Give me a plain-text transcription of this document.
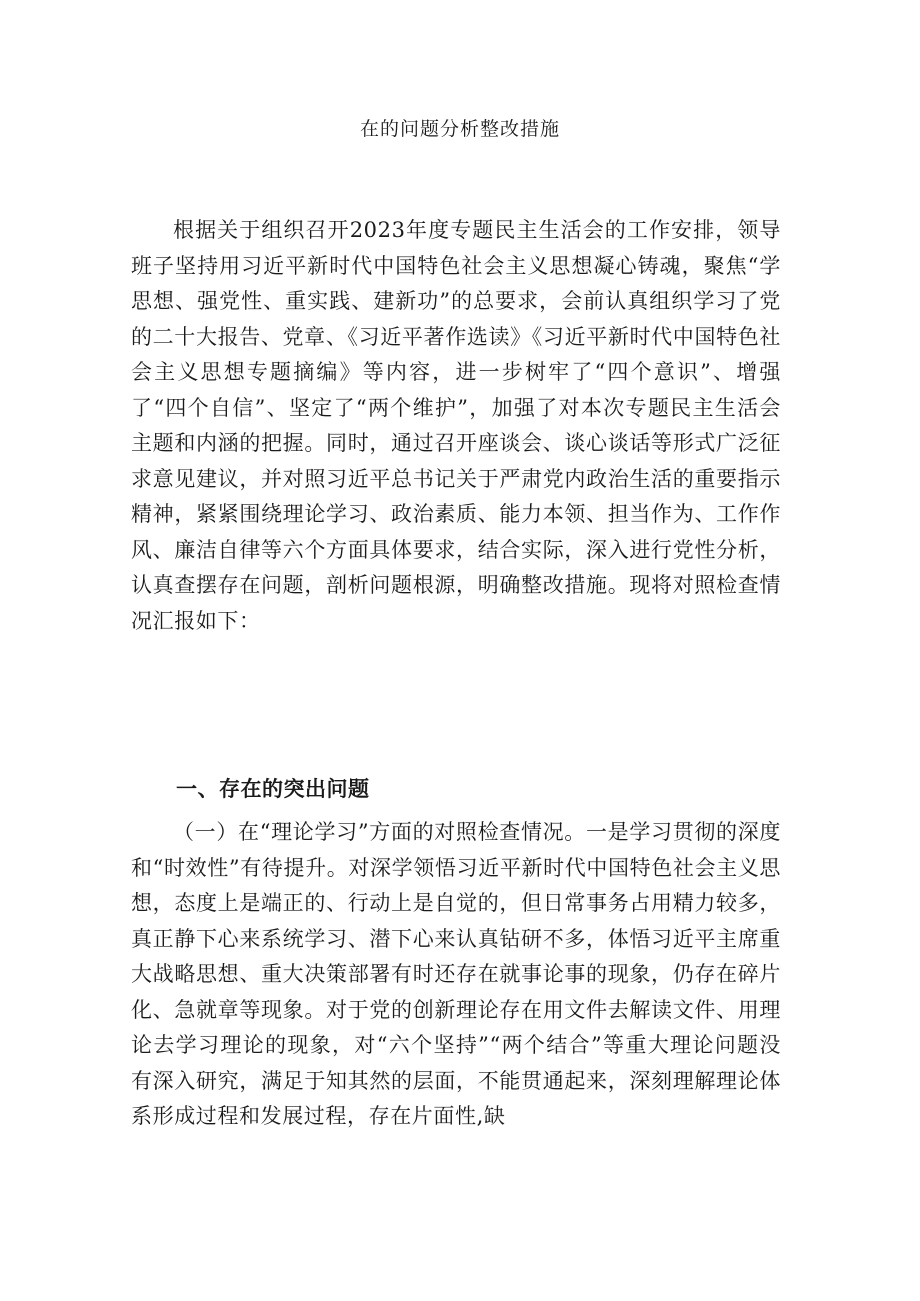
在的问题分析整改措施

根据关于组织召开2023年度专题民主生活会的工作安排，领导班子坚持用习近平新时代中国特色社会主义思想凝心铸魂，聚焦“学思想、强党性、重实践、建新功”的总要求，会前认真组织学习了党的二十大报告、党章、《习近平著作选读》《习近平新时代中国特色社会主义思想专题摘编》等内容，进一步树牢了“四个意识”、增强了“四个自信”、坚定了“两个维护”，加强了对本次专题民主生活会主题和内涵的把握。同时，通过召开座谈会、谈心谈话等形式广泛征求意见建议，并对照习近平总书记关于严肃党内政治生活的重要指示精神，紧紧围绕理论学习、政治素质、能力本领、担当作为、工作作风、廉洁自律等六个方面具体要求，结合实际，深入进行党性分析，认真查摆存在问题，剖析问题根源，明确整改措施。现将对照检查情况汇报如下：

一、存在的突出问题

（一）在“理论学习”方面的对照检查情况。一是学习贯彻的深度和“时效性”有待提升。对深学领悟习近平新时代中国特色社会主义思想，态度上是端正的、行动上是自觉的，但日常事务占用精力较多，真正静下心来系统学习、潜下心来认真钻研不多，体悟习近平主席重大战略思想、重大决策部署有时还存在就事论事的现象，仍存在碎片化、急就章等现象。对于党的创新理论存在用文件去解读文件、用理论去学习理论的现象，对“六个坚持”“两个结合”等重大理论问题没有深入研究，满足于知其然的层面，不能贯通起来，深刻理解理论体系形成过程和发展过程，存在片面性,缺
